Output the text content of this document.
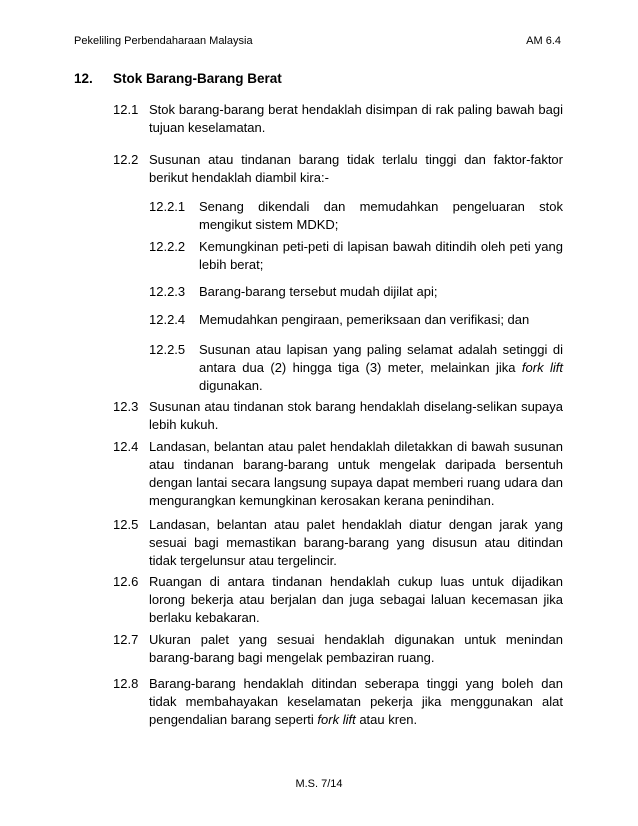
Pekeliling Perbendaharaan Malaysia	AM 6.4
12. Stok Barang-Barang Berat
12.1 Stok barang-barang berat hendaklah disimpan di rak paling bawah bagi tujuan keselamatan.
12.2 Susunan atau tindanan barang tidak terlalu tinggi dan faktor-faktor berikut hendaklah diambil kira:-
12.2.1 Senang dikendali dan memudahkan pengeluaran stok mengikut sistem MDKD;
12.2.2 Kemungkinan peti-peti di lapisan bawah ditindih oleh peti yang lebih berat;
12.2.3 Barang-barang tersebut mudah dijilat api;
12.2.4 Memudahkan pengiraan, pemeriksaan dan verifikasi; dan
12.2.5 Susunan atau lapisan yang paling selamat adalah setinggi di antara dua (2) hingga tiga (3) meter, melainkan jika fork lift digunakan.
12.3 Susunan atau tindanan stok barang hendaklah diselang-selikan supaya lebih kukuh.
12.4 Landasan, belantan atau palet hendaklah diletakkan di bawah susunan atau tindanan barang-barang untuk mengelak daripada bersentuh dengan lantai secara langsung supaya dapat memberi ruang udara dan mengurangkan kemungkinan kerosakan kerana penindihan.
12.5 Landasan, belantan atau palet hendaklah diatur dengan jarak yang sesuai bagi memastikan barang-barang yang disusun atau ditindan tidak tergelunsur atau tergelincir.
12.6 Ruangan di antara tindanan hendaklah cukup luas untuk dijadikan lorong bekerja atau berjalan dan juga sebagai laluan kecemasan jika berlaku kebakaran.
12.7 Ukuran palet yang sesuai hendaklah digunakan untuk menindan barang-barang bagi mengelak pembaziran ruang.
12.8 Barang-barang hendaklah ditindan seberapa tinggi yang boleh dan tidak membahayakan keselamatan pekerja jika menggunakan alat pengendalian barang seperti fork lift atau kren.
M.S. 7/14
